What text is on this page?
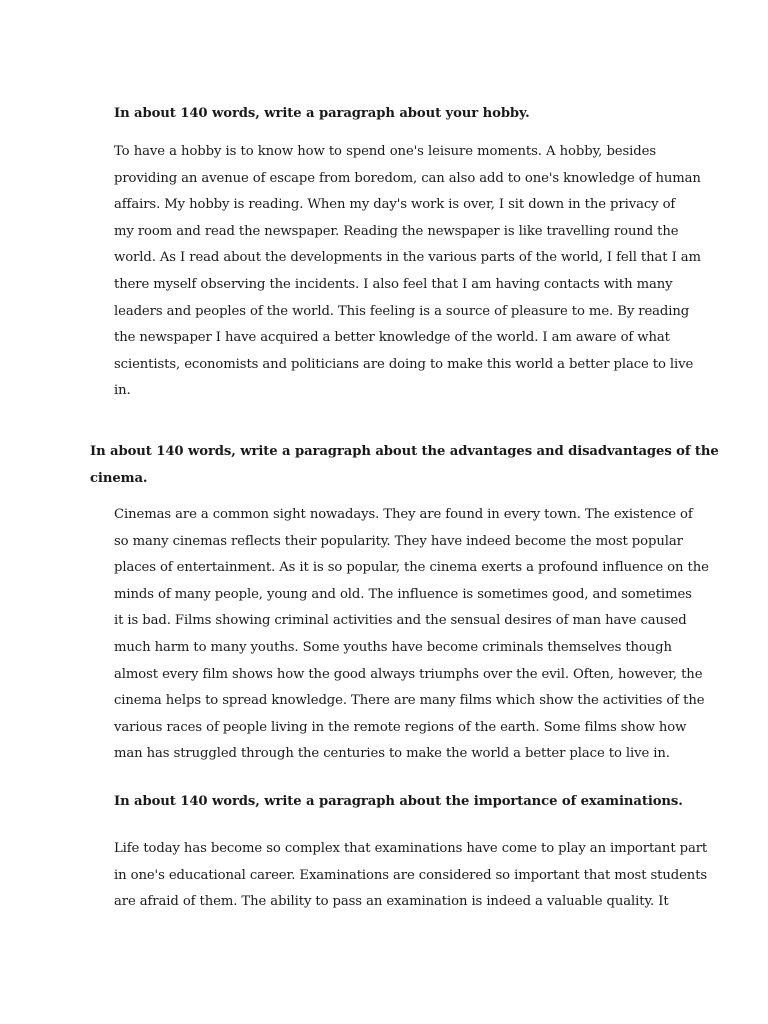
In about 140 words, write a paragraph about your hobby.
To have a hobby is to know how to spend one's leisure moments. A hobby, besides
providing an avenue of escape from boredom, can also add to one's knowledge of human
affairs. My hobby is reading. When my day's work is over, I sit down in the privacy of
my room and read the newspaper. Reading the newspaper is like travelling round the
world. As I read about the developments in the various parts of the world, I fell that I am
there myself observing the incidents. I also feel that I am having contacts with many
leaders and peoples of the world. This feeling is a source of pleasure to me. By reading
the newspaper I have acquired a better knowledge of the world. I am aware of what
scientists, economists and politicians are doing to make this world a better place to live
in.
In about 140 words, write a paragraph about the advantages and disadvantages of the
cinema.
Cinemas are a common sight nowadays. They are found in every town. The existence of
so many cinemas reflects their popularity. They have indeed become the most popular
places of entertainment. As it is so popular, the cinema exerts a profound influence on the
minds of many people, young and old. The influence is sometimes good, and sometimes
it is bad. Films showing criminal activities and the sensual desires of man have caused
much harm to many youths. Some youths have become criminals themselves though
almost every film shows how the good always triumphs over the evil. Often, however, the
cinema helps to spread knowledge. There are many films which show the activities of the
various races of people living in the remote regions of the earth. Some films show how
man has struggled through the centuries to make the world a better place to live in.
In about 140 words, write a paragraph about the importance of examinations.
Life today has become so complex that examinations have come to play an important part
in one's educational career. Examinations are considered so important that most students
are afraid of them. The ability to pass an examination is indeed a valuable quality. It
